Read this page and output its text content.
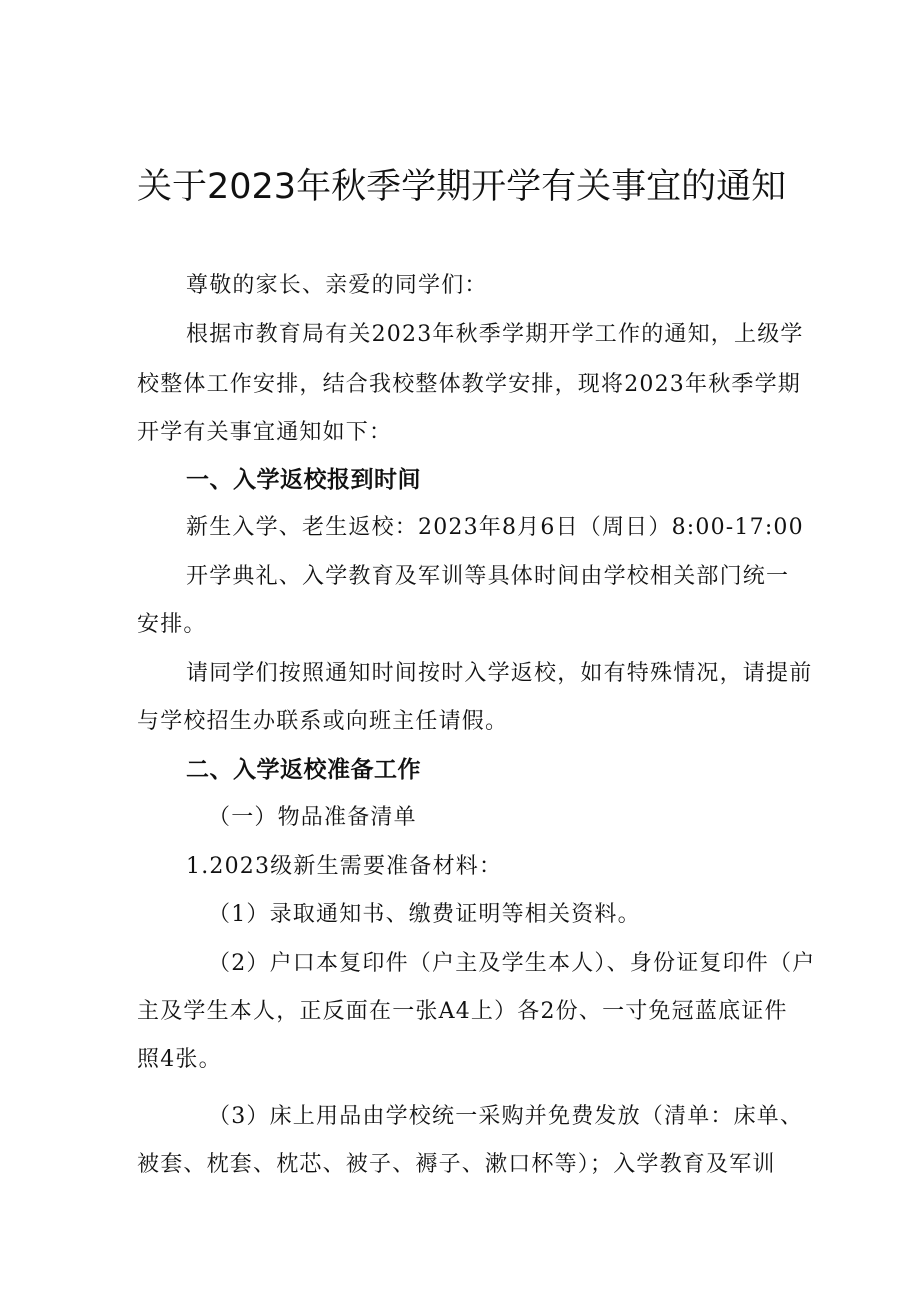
关于2023年秋季学期开学有关事宜的通知
尊敬的家长、亲爱的同学们：
根据市教育局有关2023年秋季学期开学工作的通知，上级学
校整体工作安排，结合我校整体教学安排，现将2023年秋季学期
开学有关事宜通知如下：
一、入学返校报到时间
新生入学、老生返校：2023年8月6日（周日）8:00-17:00
开学典礼、入学教育及军训等具体时间由学校相关部门统一
安排。
请同学们按照通知时间按时入学返校，如有特殊情况，请提前
与学校招生办联系或向班主任请假。
二、入学返校准备工作
（一）物品准备清单
1.2023级新生需要准备材料：
（1）录取通知书、缴费证明等相关资料。
（2）户口本复印件（户主及学生本人）、身份证复印件（户
主及学生本人，正反面在一张A4上）各2份、一寸免冠蓝底证件
照4张。
（3）床上用品由学校统一采购并免费发放（清单：床单、
被套、枕套、枕芯、被子、褥子、漱口杯等）；入学教育及军训
